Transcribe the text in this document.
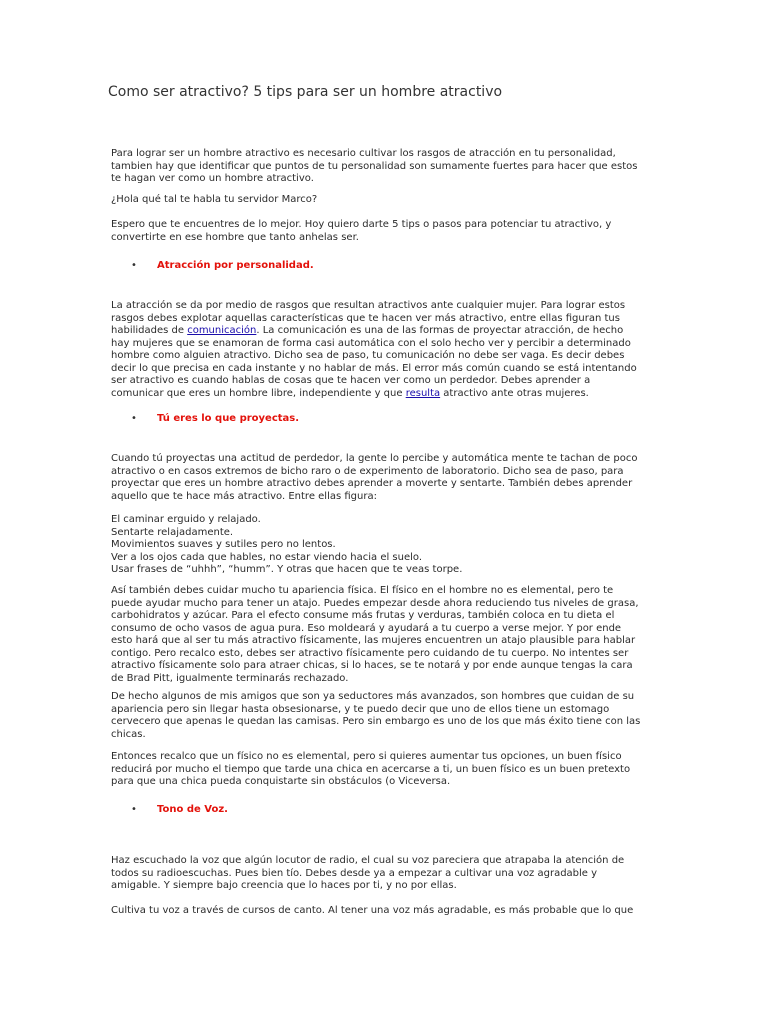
Como ser atractivo? 5 tips para ser un hombre atractivo
Para lograr ser un hombre atractivo es necesario cultivar los rasgos de atracción en tu personalidad,
tambien hay que identificar que puntos de tu personalidad son sumamente fuertes para hacer que estos
te hagan ver como un hombre atractivo.
¿Hola qué tal te habla tu servidor Marco?
Espero que te encuentres de lo mejor. Hoy quiero darte 5 tips o pasos para potenciar tu atractivo, y
convertirte en ese hombre que tanto anhelas ser.
• Atracción por personalidad.
La atracción se da por medio de rasgos que resultan atractivos ante cualquier mujer. Para lograr estos
rasgos debes explotar aquellas características que te hacen ver más atractivo, entre ellas figuran tus
habilidades de comunicación. La comunicación es una de las formas de proyectar atracción, de hecho
hay mujeres que se enamoran de forma casi automática con el solo hecho ver y percibir a determinado
hombre como alguien atractivo. Dicho sea de paso, tu comunicación no debe ser vaga. Es decir debes
decir lo que precisa en cada instante y no hablar de más. El error más común cuando se está intentando
ser atractivo es cuando hablas de cosas que te hacen ver como un perdedor. Debes aprender a
comunicar que eres un hombre libre, independiente y que resulta atractivo ante otras mujeres.
• Tú eres lo que proyectas.
Cuando tú proyectas una actitud de perdedor, la gente lo percibe y automática mente te tachan de poco
atractivo o en casos extremos de bicho raro o de experimento de laboratorio. Dicho sea de paso, para
proyectar que eres un hombre atractivo debes aprender a moverte y sentarte. También debes aprender
aquello que te hace más atractivo. Entre ellas figura:
El caminar erguido y relajado.
Sentarte relajadamente.
Movimientos suaves y sutiles pero no lentos.
Ver a los ojos cada que hables, no estar viendo hacia el suelo.
Usar frases de “uhhh”, “humm”. Y otras que hacen que te veas torpe.
Así también debes cuidar mucho tu apariencia física. El físico en el hombre no es elemental, pero te
puede ayudar mucho para tener un atajo. Puedes empezar desde ahora reduciendo tus niveles de grasa,
carbohidratos y azúcar. Para el efecto consume más frutas y verduras, también coloca en tu dieta el
consumo de ocho vasos de agua pura. Eso moldeará y ayudará a tu cuerpo a verse mejor. Y por ende
esto hará que al ser tu más atractivo físicamente, las mujeres encuentren un atajo plausible para hablar
contigo. Pero recalco esto, debes ser atractivo físicamente pero cuidando de tu cuerpo. No intentes ser
atractivo físicamente solo para atraer chicas, si lo haces, se te notará y por ende aunque tengas la cara
de Brad Pitt, igualmente terminarás rechazado.
De hecho algunos de mis amigos que son ya seductores más avanzados, son hombres que cuidan de su
apariencia pero sin llegar hasta obsesionarse, y te puedo decir que uno de ellos tiene un estomago
cervecero que apenas le quedan las camisas. Pero sin embargo es uno de los que más éxito tiene con las
chicas.
Entonces recalco que un físico no es elemental, pero si quieres aumentar tus opciones, un buen físico
reducirá por mucho el tiempo que tarde una chica en acercarse a ti, un buen físico es un buen pretexto
para que una chica pueda conquistarte sin obstáculos (o Viceversa.
• Tono de Voz.
Haz escuchado la voz que algún locutor de radio, el cual su voz pareciera que atrapaba la atención de
todos su radioescuchas. Pues bien tío. Debes desde ya a empezar a cultivar una voz agradable y
amigable. Y siempre bajo creencia que lo haces por ti, y no por ellas.
Cultiva tu voz a través de cursos de canto. Al tener una voz más agradable, es más probable que lo que
